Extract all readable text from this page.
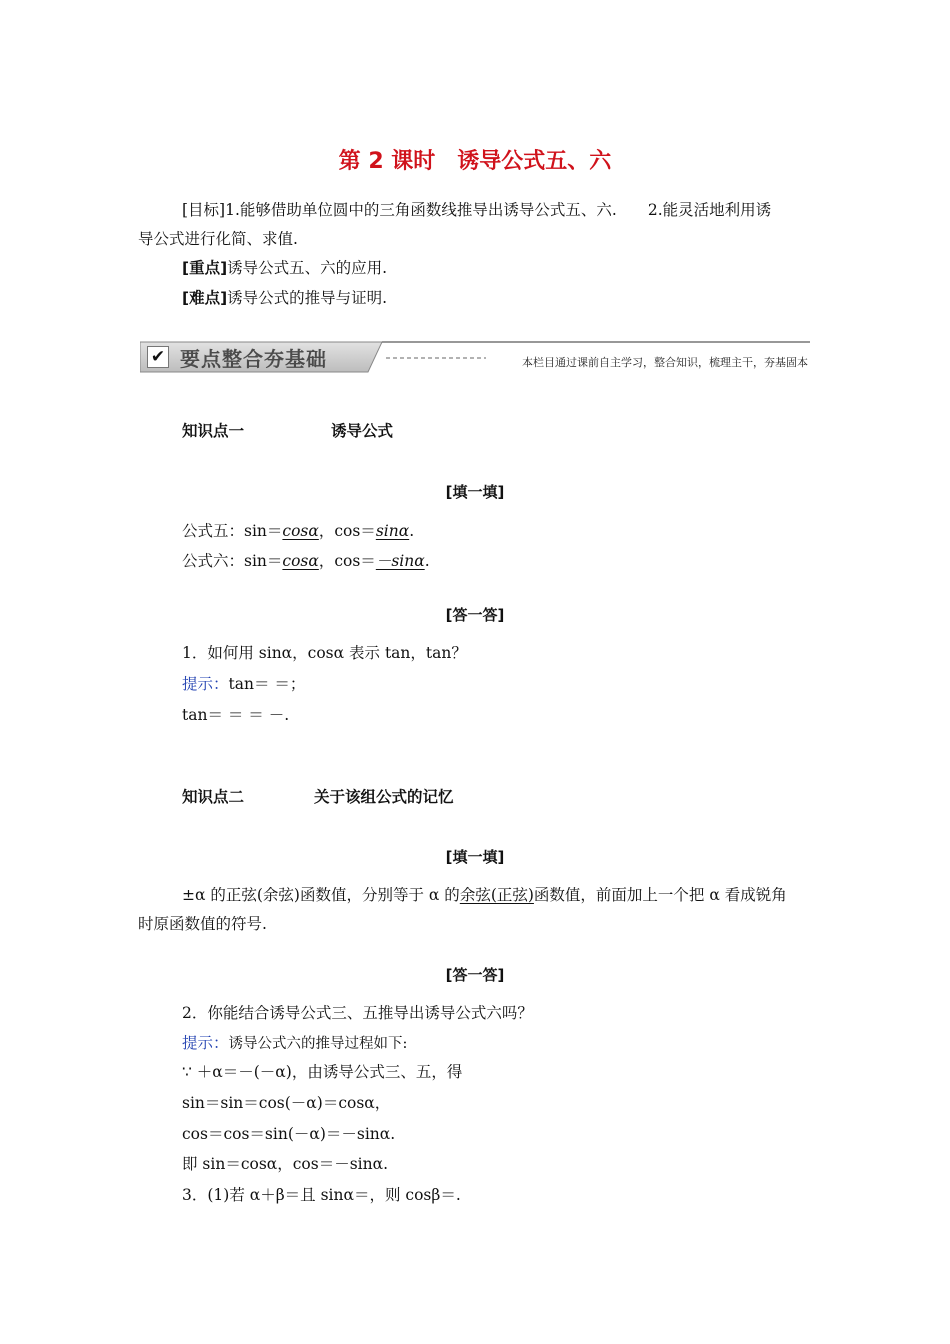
第 2 课时　诱导公式五、六
[目标]1.能够借助单位圆中的三角函数线推导出诱导公式五、六.　　2.能灵活地利用诱
导公式进行化简、求值.
[重点]诱导公式五、六的应用.
[难点]诱导公式的推导与证明.
✔ 要点整合夯基础	本栏目通过课前自主学习，整合知识，梳理主干，夯基固本
知识点一	诱导公式
[填一填]
公式五：sin＝cosα，cos＝sinα.
公式六：sin＝cosα，cos＝－sinα.
[答一答]
1．如何用 sinα，cosα 表示 tan，tan？
提示：tan＝ ＝；
tan＝ ＝ ＝ －.
知识点二	关于该组公式的记忆
[填一填]
±α 的正弦(余弦)函数值，分别等于 α 的余弦(正弦)函数值，前面加上一个把 α 看成锐角
时原函数值的符号.
[答一答]
2．你能结合诱导公式三、五推导出诱导公式六吗？
提示：诱导公式六的推导过程如下:
∵ ＋α＝－(－α)，由诱导公式三、五，得
sin＝sin＝cos(－α)＝cosα，
cos＝cos＝sin(－α)＝－sinα.
即 sin＝cosα，cos＝－sinα.
3．(1)若 α＋β＝且 sinα＝，则 cosβ＝.
